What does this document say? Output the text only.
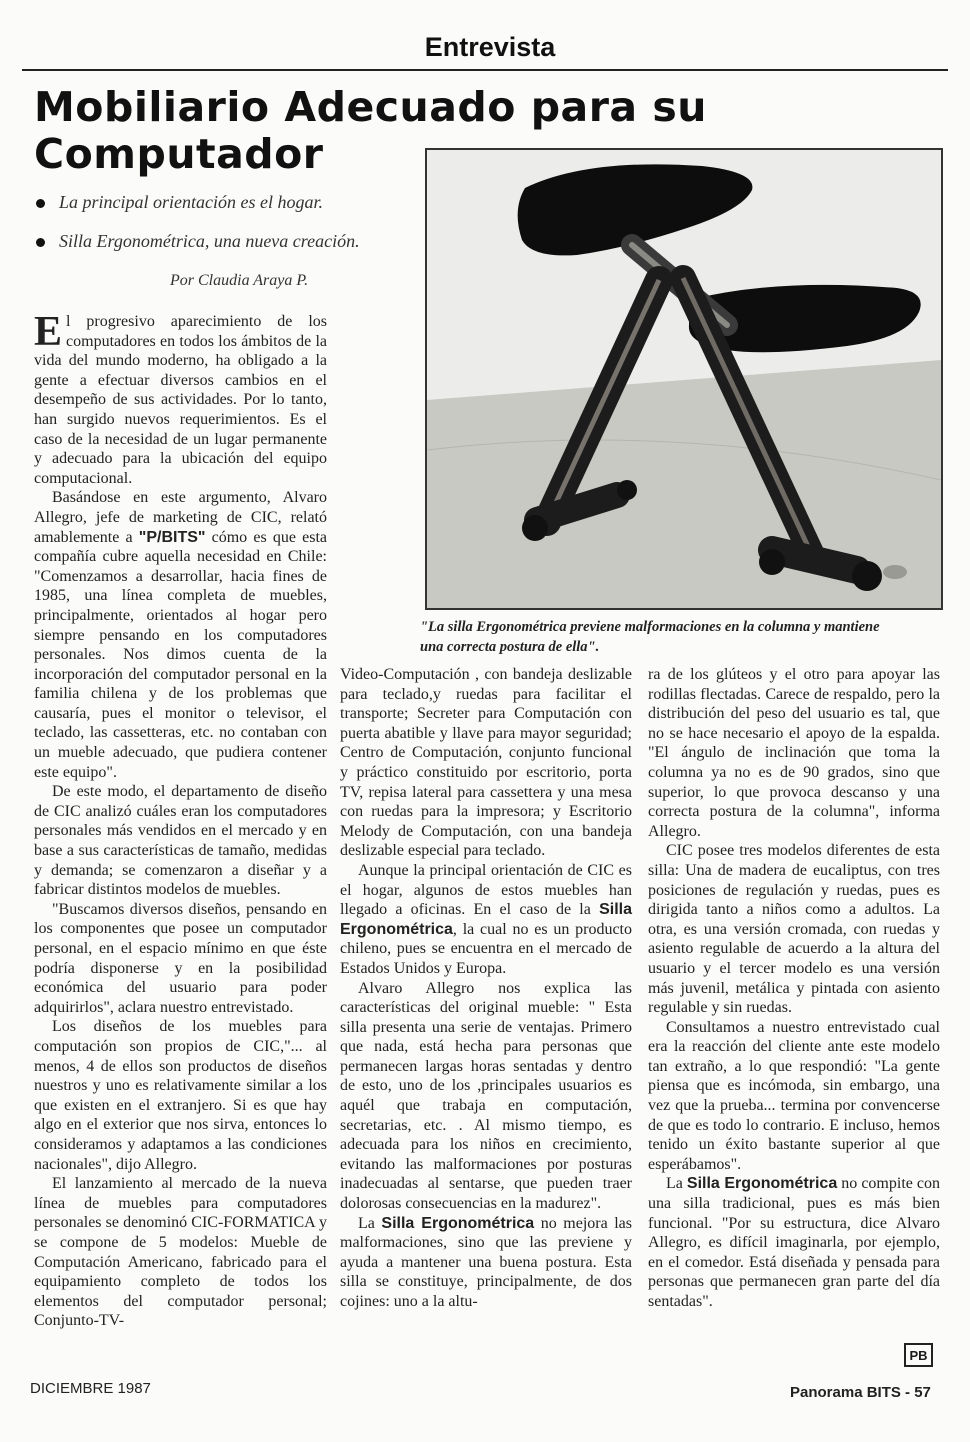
Entrevista
Mobiliario Adecuado para su Computador
La principal orientación es el hogar.
Silla Ergonométrica, una nueva creación.
Por Claudia Araya P.
"La silla Ergonométrica previene malformaciones en la columna y mantiene una correcta postura de ella".

El progresivo aparecimiento de los computadores en todos los ámbitos de la vida del mundo moderno, ha obligado a la gente a efectuar diversos cambios en el desempeño de sus actividades. Por lo tanto, han surgido nuevos requerimientos. Es el caso de la necesidad de un lugar permanente y adecuado para la ubicación del equipo computacional.

Basándose en este argumento, Alvaro Allegro, jefe de marketing de CIC, relató amablemente a "P/BITS" cómo es que esta compañía cubre aquella necesidad en Chile: "Comenzamos a desarrollar, hacia fines de 1985, una línea completa de muebles, principalmente, orientados al hogar pero siempre pensando en los computadores personales. Nos dimos cuenta de la incorporación del computador personal en la familia chilena y de los problemas que causaría, pues el monitor o televisor, el teclado, las cassetteras, etc. no contaban con un mueble adecuado, que pudiera contener este equipo".

De este modo, el departamento de diseño de CIC analizó cuáles eran los computadores personales más vendidos en el mercado y en base a sus características de tamaño, medidas y demanda; se comenzaron a diseñar y a fabricar distintos modelos de muebles.

"Buscamos diversos diseños, pensando en los componentes que posee un computador personal, en el espacio mínimo en que éste podría disponerse y en la posibilidad económica del usuario para poder adquirirlos", aclara nuestro entrevistado.

Los diseños de los muebles para computación son propios de CIC,"... al menos, 4 de ellos son productos de diseños nuestros y uno es relativamente similar a los que existen en el extranjero. Si es que hay algo en el exterior que nos sirva, entonces lo consideramos y adaptamos a las condiciones nacionales", dijo Allegro.

El lanzamiento al mercado de la nueva línea de muebles para computadores personales se denominó CIC-FORMATICA y se compone de 5 modelos: Mueble de Computación Americano, fabricado para el equipamiento completo de todos los elementos del computador personal; Conjunto-TV-

Video-Computación , con bandeja deslizable para teclado,y ruedas para facilitar el transporte; Secreter para Computación con puerta abatible y llave para mayor seguridad; Centro de Computación, conjunto funcional y práctico constituido por escritorio, porta TV, repisa lateral para cassettera y una mesa con ruedas para la impresora; y Escritorio Melody de Computación, con una bandeja deslizable especial para teclado.

Aunque la principal orientación de CIC es el hogar, algunos de estos muebles han llegado a oficinas. En el caso de la Silla Ergonométrica, la cual no es un producto chileno, pues se encuentra en el mercado de Estados Unidos y Europa.

Alvaro Allegro nos explica las características del original mueble: " Esta silla presenta una serie de ventajas. Primero que nada, está hecha para personas que permanecen largas horas sentadas y dentro de esto, uno de los ,principales usuarios es aquél que trabaja en computación, secretarias, etc. . Al mismo tiempo, es adecuada para los niños en crecimiento, evitando las malformaciones por posturas inadecuadas al sentarse, que pueden traer dolorosas consecuencias en la madurez".

La Silla Ergonométrica no mejora las malformaciones, sino que las previene y ayuda a mantener una buena postura. Esta silla se constituye, principalmente, de dos cojines: uno a la altu-

ra de los glúteos y el otro para apoyar las rodillas flectadas. Carece de respaldo, pero la distribución del peso del usuario es tal, que no se hace necesario el apoyo de la espalda. "El ángulo de inclinación que toma la columna ya no es de 90 grados, sino que superior, lo que provoca descanso y una correcta postura de la columna", informa Allegro.

CIC posee tres modelos diferentes de esta silla: Una de madera de eucaliptus, con tres posiciones de regulación y ruedas, pues es dirigida tanto a niños como a adultos. La otra, es una versión cromada, con ruedas y asiento regulable de acuerdo a la altura del usuario y el tercer modelo es una versión más juvenil, metálica y pintada con asiento regulable y sin ruedas.

Consultamos a nuestro entrevistado cual era la reacción del cliente ante este modelo tan extraño, a lo que respondió: "La gente piensa que es incómoda, sin embargo, una vez que la prueba... termina por convencerse de que es todo lo contrario. E incluso, hemos tenido un éxito bastante superior al que esperábamos".

La Silla Ergonométrica no compite con una silla tradicional, pues es más bien funcional. "Por su estructura, dice Alvaro Allegro, es difícil imaginarla, por ejemplo, en el comedor. Está diseñada y pensada para personas que permanecen gran parte del día sentadas".

PB
DICIEMBRE 1987	Panorama BITS - 57
